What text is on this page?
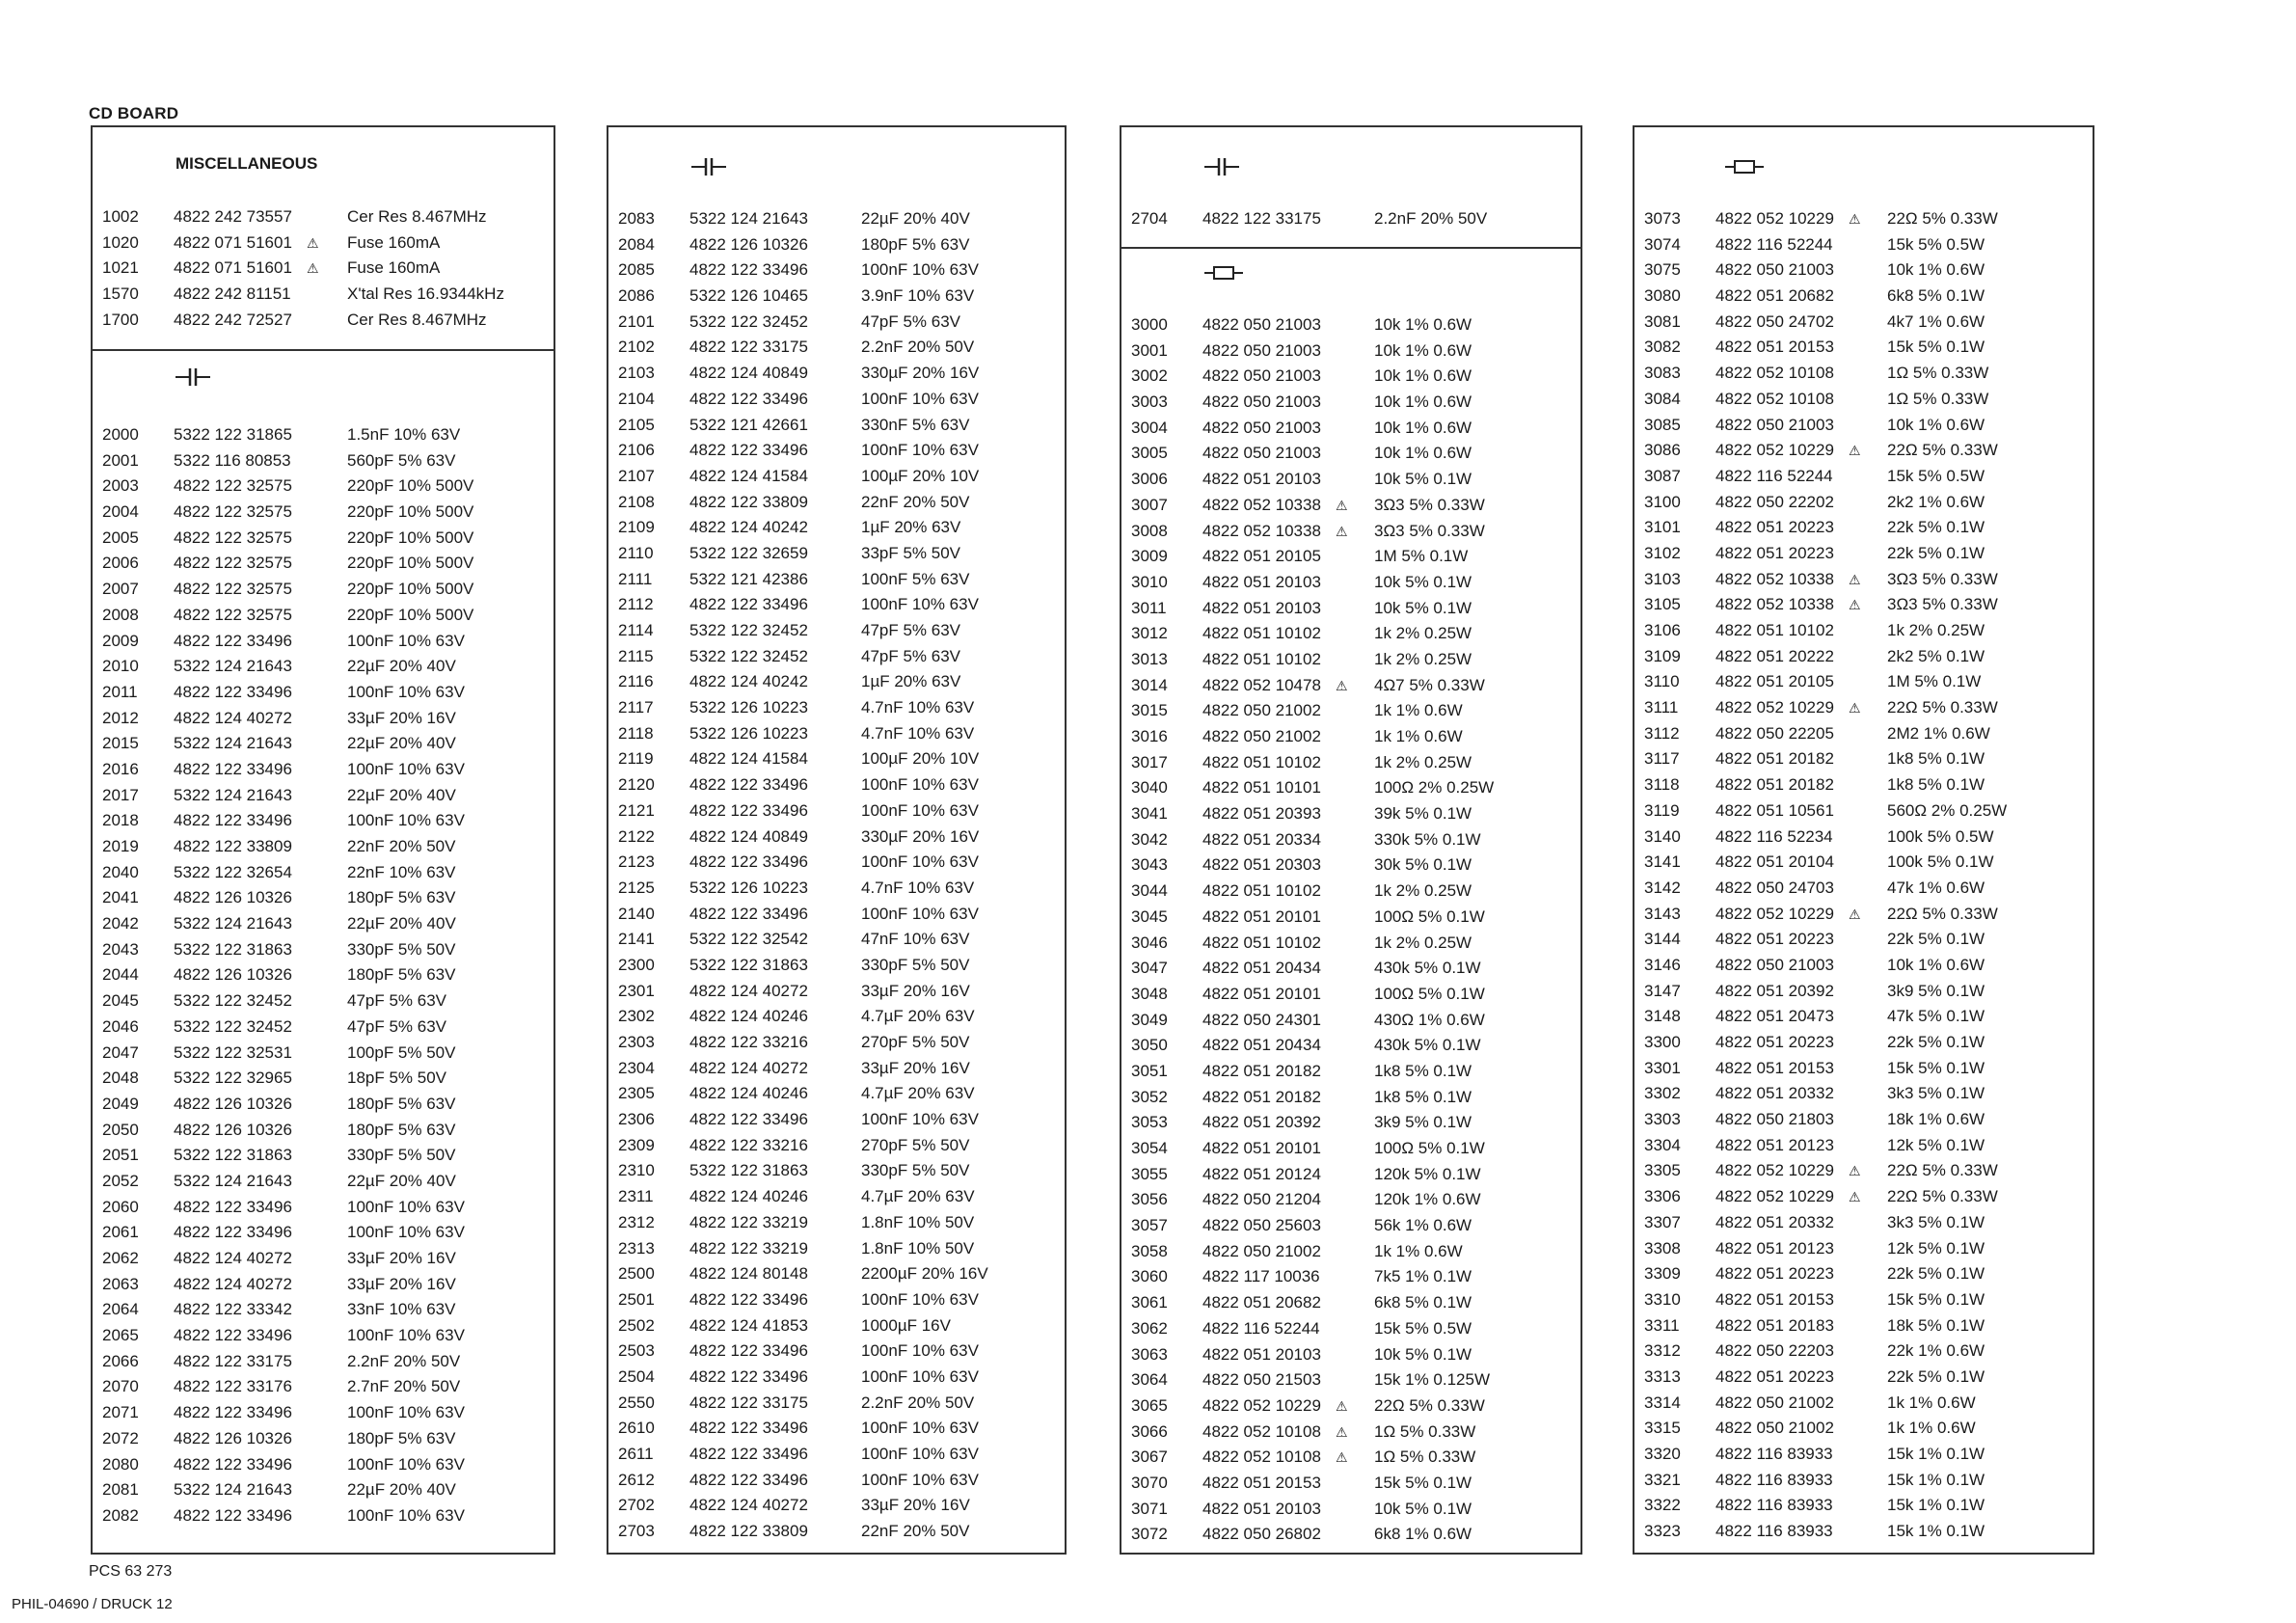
CD BOARD
MISCELLANEOUS
1002 4822 242 73557	Cer Res 8.467MHz
1020 4822 071 51601 ⚠ Fuse 160mA
1021 4822 071 51601 ⚠ Fuse 160mA
1570 4822 242 81151	X'tal Res 16.9344kHz
1700 4822 242 72527	Cer Res 8.467MHz
2000 5322 122 31865	1.5nF 10% 63V
2001 5322 116 80853	560pF 5% 63V
2003 4822 122 32575	220pF 10% 500V
2004 4822 122 32575	220pF 10% 500V
2005 4822 122 32575	220pF 10% 500V
2006 4822 122 32575	220pF 10% 500V
2007 4822 122 32575	220pF 10% 500V
2008 4822 122 32575	220pF 10% 500V
2009 4822 122 33496	100nF 10% 63V
2010 5322 124 21643	22µF 20% 40V
2011 4822 122 33496	100nF 10% 63V
2012 4822 124 40272	33µF 20% 16V
2015 5322 124 21643	22µF 20% 40V
2016 4822 122 33496	100nF 10% 63V
2017 5322 124 21643	22µF 20% 40V
2018 4822 122 33496	100nF 10% 63V
2019 4822 122 33809	22nF 20% 50V
2040 5322 122 32654	22nF 10% 63V
2041 4822 126 10326	180pF 5% 63V
2042 5322 124 21643	22µF 20% 40V
2043 5322 122 31863	330pF 5% 50V
2044 4822 126 10326	180pF 5% 63V
2045 5322 122 32452	47pF 5% 63V
2046 5322 122 32452	47pF 5% 63V
2047 5322 122 32531	100pF 5% 50V
2048 5322 122 32965	18pF 5% 50V
2049 4822 126 10326	180pF 5% 63V
2050 4822 126 10326	180pF 5% 63V
2051 5322 122 31863	330pF 5% 50V
2052 5322 124 21643	22µF 20% 40V
2060 4822 122 33496	100nF 10% 63V
2061 4822 122 33496	100nF 10% 63V
2062 4822 124 40272	33µF 20% 16V
2063 4822 124 40272	33µF 20% 16V
2064 4822 122 33342	33nF 10% 63V
2065 4822 122 33496	100nF 10% 63V
2066 4822 122 33175	2.2nF 20% 50V
2070 4822 122 33176	2.7nF 20% 50V
2071 4822 122 33496	100nF 10% 63V
2072 4822 126 10326	180pF 5% 63V
2080 4822 122 33496	100nF 10% 63V
2081 5322 124 21643	22µF 20% 40V
2082 4822 122 33496	100nF 10% 63V
2083 5322 124 21643	22µF 20% 40V
2084 4822 126 10326	180pF 5% 63V
2085 4822 122 33496	100nF 10% 63V
2086 5322 126 10465	3.9nF 10% 63V
2101 5322 122 32452	47pF 5% 63V
2102 4822 122 33175	2.2nF 20% 50V
2103 4822 124 40849	330µF 20% 16V
2104 4822 122 33496	100nF 10% 63V
2105 5322 121 42661	330nF 5% 63V
2106 4822 122 33496	100nF 10% 63V
2107 4822 124 41584	100µF 20% 10V
2108 4822 122 33809	22nF 20% 50V
2109 4822 124 40242	1µF 20% 63V
2110 5322 122 32659	33pF 5% 50V
2111 5322 121 42386	100nF 5% 63V
2112 4822 122 33496	100nF 10% 63V
2114 5322 122 32452	47pF 5% 63V
2115 5322 122 32452	47pF 5% 63V
2116 4822 124 40242	1µF 20% 63V
2117 5322 126 10223	4.7nF 10% 63V
2118 5322 126 10223	4.7nF 10% 63V
2119 4822 124 41584	100µF 20% 10V
2120 4822 122 33496	100nF 10% 63V
2121 4822 122 33496	100nF 10% 63V
2122 4822 124 40849	330µF 20% 16V
2123 4822 122 33496	100nF 10% 63V
2125 5322 126 10223	4.7nF 10% 63V
2140 4822 122 33496	100nF 10% 63V
2141 5322 122 32542	47nF 10% 63V
2300 5322 122 31863	330pF 5% 50V
2301 4822 124 40272	33µF 20% 16V
2302 4822 124 40246	4.7µF 20% 63V
2303 4822 122 33216	270pF 5% 50V
2304 4822 124 40272	33µF 20% 16V
2305 4822 124 40246	4.7µF 20% 63V
2306 4822 122 33496	100nF 10% 63V
2309 4822 122 33216	270pF 5% 50V
2310 5322 122 31863	330pF 5% 50V
2311 4822 124 40246	4.7µF 20% 63V
2312 4822 122 33219	1.8nF 10% 50V
2313 4822 122 33219	1.8nF 10% 50V
2500 4822 124 80148	2200µF 20% 16V
2501 4822 122 33496	100nF 10% 63V
2502 4822 124 41853	1000µF 16V
2503 4822 122 33496	100nF 10% 63V
2504 4822 122 33496	100nF 10% 63V
2550 4822 122 33175	2.2nF 20% 50V
2610 4822 122 33496	100nF 10% 63V
2611 4822 122 33496	100nF 10% 63V
2612 4822 122 33496	100nF 10% 63V
2702 4822 124 40272	33µF 20% 16V
2703 4822 122 33809	22nF 20% 50V
2704 4822 122 33175	2.2nF 20% 50V
3000 4822 050 21003	10k 1% 0.6W
3001 4822 050 21003	10k 1% 0.6W
3002 4822 050 21003	10k 1% 0.6W
3003 4822 050 21003	10k 1% 0.6W
3004 4822 050 21003	10k 1% 0.6W
3005 4822 050 21003	10k 1% 0.6W
3006 4822 051 20103	10k 5% 0.1W
3007 4822 052 10338 ⚠ 3Ω3 5% 0.33W
3008 4822 052 10338 ⚠ 3Ω3 5% 0.33W
3009 4822 051 20105	1M 5% 0.1W
3010 4822 051 20103	10k 5% 0.1W
3011 4822 051 20103	10k 5% 0.1W
3012 4822 051 10102	1k 2% 0.25W
3013 4822 051 10102	1k 2% 0.25W
3014 4822 052 10478 ⚠ 4Ω7 5% 0.33W
3015 4822 050 21002	1k 1% 0.6W
3016 4822 050 21002	1k 1% 0.6W
3017 4822 051 10102	1k 2% 0.25W
3040 4822 051 10101	100Ω 2% 0.25W
3041 4822 051 20393	39k 5% 0.1W
3042 4822 051 20334	330k 5% 0.1W
3043 4822 051 20303	30k 5% 0.1W
3044 4822 051 10102	1k 2% 0.25W
3045 4822 051 20101	100Ω 5% 0.1W
3046 4822 051 10102	1k 2% 0.25W
3047 4822 051 20434	430k 5% 0.1W
3048 4822 051 20101	100Ω 5% 0.1W
3049 4822 050 24301	430Ω 1% 0.6W
3050 4822 051 20434	430k 5% 0.1W
3051 4822 051 20182	1k8 5% 0.1W
3052 4822 051 20182	1k8 5% 0.1W
3053 4822 051 20392	3k9 5% 0.1W
3054 4822 051 20101	100Ω 5% 0.1W
3055 4822 051 20124	120k 5% 0.1W
3056 4822 050 21204	120k 1% 0.6W
3057 4822 050 25603	56k 1% 0.6W
3058 4822 050 21002	1k 1% 0.6W
3060 4822 117 10036	7k5 1% 0.1W
3061 4822 051 20682	6k8 5% 0.1W
3062 4822 116 52244	15k 5% 0.5W
3063 4822 051 20103	10k 5% 0.1W
3064 4822 050 21503	15k 1% 0.125W
3065 4822 052 10229 ⚠ 22Ω 5% 0.33W
3066 4822 052 10108 ⚠ 1Ω 5% 0.33W
3067 4822 052 10108 ⚠ 1Ω 5% 0.33W
3070 4822 051 20153	15k 5% 0.1W
3071 4822 051 20103	10k 5% 0.1W
3072 4822 050 26802	6k8 1% 0.6W
3073 4822 052 10229 ⚠ 22Ω 5% 0.33W
3074 4822 116 52244	15k 5% 0.5W
3075 4822 050 21003	10k 1% 0.6W
3080 4822 051 20682	6k8 5% 0.1W
3081 4822 050 24702	4k7 1% 0.6W
3082 4822 051 20153	15k 5% 0.1W
3083 4822 052 10108	1Ω 5% 0.33W
3084 4822 052 10108	1Ω 5% 0.33W
3085 4822 050 21003	10k 1% 0.6W
3086 4822 052 10229 ⚠ 22Ω 5% 0.33W
3087 4822 116 52244	15k 5% 0.5W
3100 4822 050 22202	2k2 1% 0.6W
3101 4822 051 20223	22k 5% 0.1W
3102 4822 051 20223	22k 5% 0.1W
3103 4822 052 10338 ⚠ 3Ω3 5% 0.33W
3105 4822 052 10338 ⚠ 3Ω3 5% 0.33W
3106 4822 051 10102	1k 2% 0.25W
3109 4822 051 20222	2k2 5% 0.1W
3110 4822 051 20105	1M 5% 0.1W
3111 4822 052 10229 ⚠ 22Ω 5% 0.33W
3112 4822 050 22205	2M2 1% 0.6W
3117 4822 051 20182	1k8 5% 0.1W
3118 4822 051 20182	1k8 5% 0.1W
3119 4822 051 10561	560Ω 2% 0.25W
3140 4822 116 52234	100k 5% 0.5W
3141 4822 051 20104	100k 5% 0.1W
3142 4822 050 24703	47k 1% 0.6W
3143 4822 052 10229 ⚠ 22Ω 5% 0.33W
3144 4822 051 20223	22k 5% 0.1W
3146 4822 050 21003	10k 1% 0.6W
3147 4822 051 20392	3k9 5% 0.1W
3148 4822 051 20473	47k 5% 0.1W
3300 4822 051 20223	22k 5% 0.1W
3301 4822 051 20153	15k 5% 0.1W
3302 4822 051 20332	3k3 5% 0.1W
3303 4822 050 21803	18k 1% 0.6W
3304 4822 051 20123	12k 5% 0.1W
3305 4822 052 10229 ⚠ 22Ω 5% 0.33W
3306 4822 052 10229 ⚠ 22Ω 5% 0.33W
3307 4822 051 20332	3k3 5% 0.1W
3308 4822 051 20123	12k 5% 0.1W
3309 4822 051 20223	22k 5% 0.1W
3310 4822 051 20153	15k 5% 0.1W
3311 4822 051 20183	18k 5% 0.1W
3312 4822 050 22203	22k 1% 0.6W
3313 4822 051 20223	22k 5% 0.1W
3314 4822 050 21002	1k 1% 0.6W
3315 4822 050 21002	1k 1% 0.6W
3320 4822 116 83933	15k 1% 0.1W
3321 4822 116 83933	15k 1% 0.1W
3322 4822 116 83933	15k 1% 0.1W
3323 4822 116 83933	15k 1% 0.1W
PCS 63 273
PHIL-04690 / DRUCK 12
